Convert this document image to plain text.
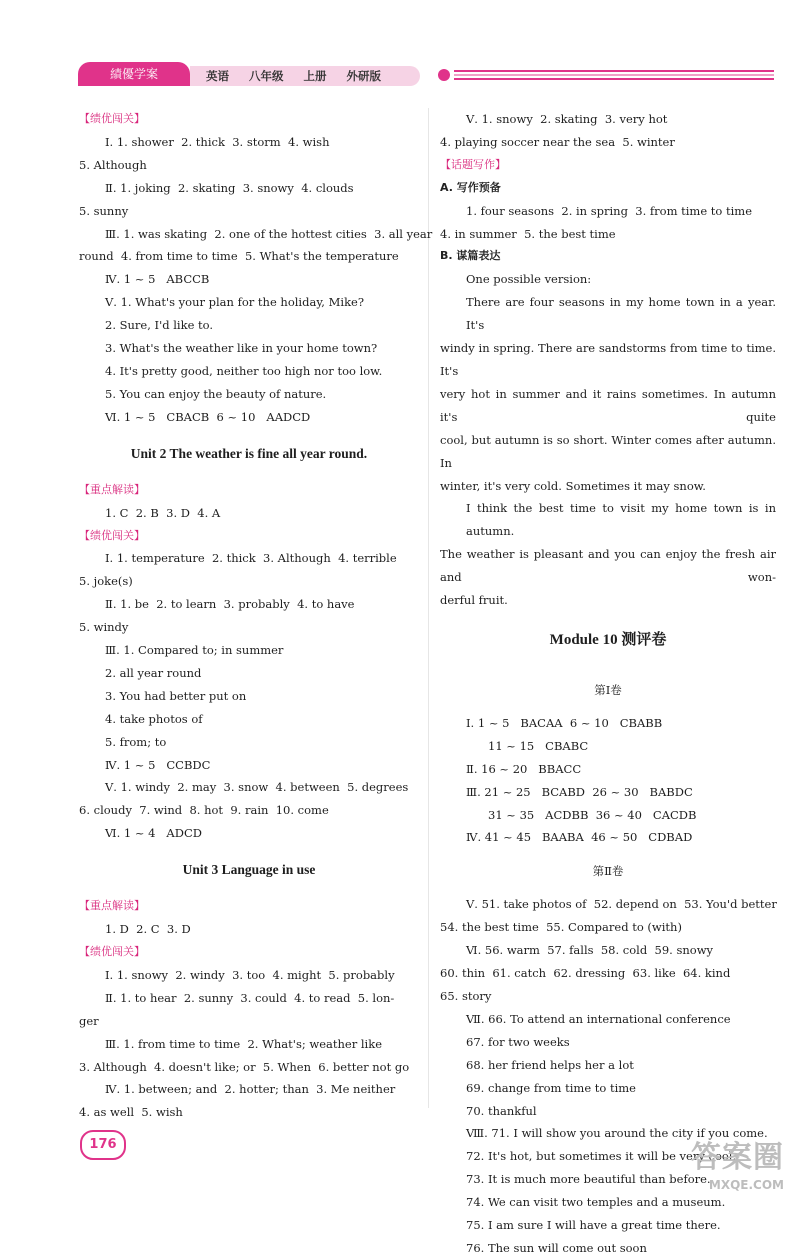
績優学案	英语 八年级 上册 外研版
【绩优闯关】
Ⅰ. 1. shower  2. thick  3. storm  4. wish
5. Although
Ⅱ. 1. joking  2. skating  3. snowy  4. clouds
5. sunny
Ⅲ. 1. was skating  2. one of the hottest cities  3. all year
round  4. from time to time  5. What's the temperature
Ⅳ. 1 ~ 5   ABCCB
Ⅴ. 1. What's your plan for the holiday, Mike?
2. Sure, I'd like to.
3. What's the weather like in your home town?
4. It's pretty good, neither too high nor too low.
5. You can enjoy the beauty of nature.
Ⅵ. 1 ~ 5   CBACB  6 ~ 10   AADCD
Unit 2 The weather is fine all year round.
【重点解读】
1. C  2. B  3. D  4. A
【绩优闯关】
Ⅰ. 1. temperature  2. thick  3. Although  4. terrible
5. joke(s)
Ⅱ. 1. be  2. to learn  3. probably  4. to have
5. windy
Ⅲ. 1. Compared to; in summer
2. all year round
3. You had better put on
4. take photos of
5. from; to
Ⅳ. 1 ~ 5   CCBDC
Ⅴ. 1. windy  2. may  3. snow  4. between  5. degrees
6. cloudy  7. wind  8. hot  9. rain  10. come
Ⅵ. 1 ~ 4   ADCD
Unit 3 Language in use
【重点解读】
1. D  2. C  3. D
【绩优闯关】
Ⅰ. 1. snowy  2. windy  3. too  4. might  5. probably
Ⅱ. 1. to hear  2. sunny  3. could  4. to read  5. lon-
ger
Ⅲ. 1. from time to time  2. What's; weather like
3. Although  4. doesn't like; or  5. When  6. better not go
Ⅳ. 1. between; and  2. hotter; than  3. Me neither
4. as well  5. wish
Ⅴ. 1. snowy  2. skating  3. very hot
4. playing soccer near the sea  5. winter
【话题写作】
A. 写作预备
1. four seasons  2. in spring  3. from time to time
4. in summer  5. the best time
B. 谋篇表达
One possible version:
There are four seasons in my home town in a year. It's
windy in spring. There are sandstorms from time to time. It's
very hot in summer and it rains sometimes. In autumn it's quite
cool, but autumn is so short. Winter comes after autumn. In
winter, it's very cold. Sometimes it may snow.
I think the best time to visit my home town is in autumn.
The weather is pleasant and you can enjoy the fresh air and won-
derful fruit.
Module 10 测评卷
第Ⅰ卷
Ⅰ. 1 ~ 5   BACAA  6 ~ 10   CBABB
11 ~ 15   CBABC
Ⅱ. 16 ~ 20   BBACC
Ⅲ. 21 ~ 25   BCABD  26 ~ 30   BABDC
31 ~ 35   ACDBB  36 ~ 40   CACDB
Ⅳ. 41 ~ 45   BAABA  46 ~ 50   CDBAD
第Ⅱ卷
Ⅴ. 51. take photos of  52. depend on  53. You'd better
54. the best time  55. Compared to (with)
Ⅵ. 56. warm  57. falls  58. cold  59. snowy
60. thin  61. catch  62. dressing  63. like  64. kind
65. story
Ⅶ. 66. To attend an international conference
67. for two weeks
68. her friend helps her a lot
69. change from time to time
70. thankful
Ⅷ. 71. I will show you around the city if you come.
72. It's hot, but sometimes it will be very cool.
73. It is much more beautiful than before.
74. We can visit two temples and a museum.
75. I am sure I will have a great time there.
76. The sun will come out soon
176	答案圈
MXQE.COM
